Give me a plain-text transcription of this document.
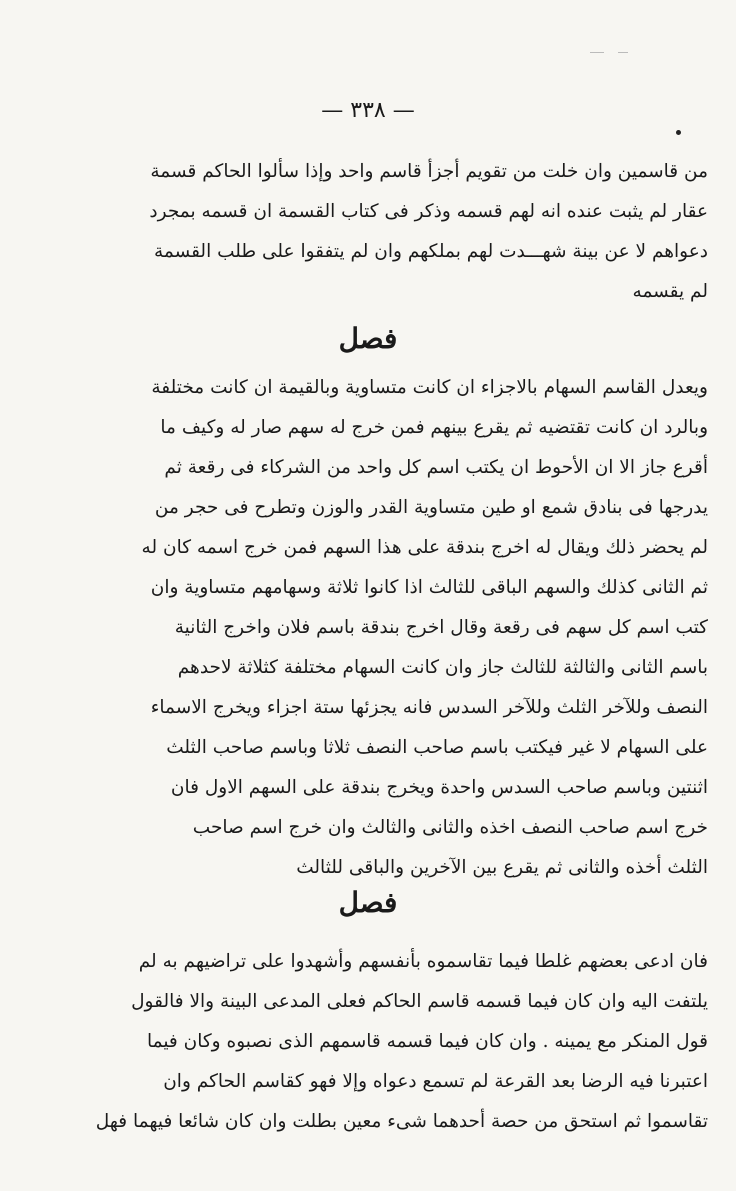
— ٣٣٨ —
من قاسمين وان خلت من تقويم أجزأ قاسم واحد وإذا سألوا الحاكم قسمة
عقار لم يثبت عنده انه لهم قسمه وذكر فى كتاب القسمة ان قسمه بمجرد
دعواهم لا عن بينة شهـــدت لهم بملكهم وان لم يتفقوا على طلب القسمة
لم يقسمه
فصل
ويعدل القاسم السهام بالاجزاء ان كانت متساوية وبالقيمة ان كانت مختلفة
وبالرد ان كانت تقتضيه ثم يقرع بينهم فمن خرج له سهم صار له وكيف ما
أقرع جاز الا ان الأحوط ان يكتب اسم كل واحد من الشركاء فى رقعة ثم
يدرجها فى بنادق شمع او طين متساوية القدر والوزن وتطرح فى حجر من
لم يحضر ذلك ويقال له اخرج بندقة على هذا السهم فمن خرج اسمه كان له
ثم الثانى كذلك والسهم الباقى للثالث اذا كانوا ثلاثة وسهامهم متساوية وان
كتب اسم كل سهم فى رقعة وقال اخرج بندقة باسم فلان واخرج الثانية
باسم الثانى والثالثة للثالث جاز وان كانت السهام مختلفة كثلاثة لاحدهم
النصف وللآخر الثلث وللآخر السدس فانه يجزئها ستة اجزاء ويخرج الاسماء
على السهام لا غير فيكتب باسم صاحب النصف ثلاثا وباسم صاحب الثلث
اثنتين وباسم صاحب السدس واحدة ويخرج بندقة على السهم الاول فان
خرج اسم صاحب النصف اخذه والثانى والثالث وان خرج اسم صاحب
الثلث أخذه والثانى ثم يقرع بين الآخرين والباقى للثالث
فصل
فان ادعى بعضهم غلطا فيما تقاسموه بأنفسهم وأشهدوا على تراضيهم به لم
يلتفت اليه وان كان فيما قسمه قاسم الحاكم فعلى المدعى البينة والا فالقول
قول المنكر مع يمينه . وان كان فيما قسمه قاسمهم الذى نصبوه وكان فيما
اعتبرنا فيه الرضا بعد القرعة لم تسمع دعواه وإلا فهو كقاسم الحاكم وان
تقاسموا ثم استحق من حصة أحدهما شىء معين بطلت وان كان شائعا فيهما فهل
